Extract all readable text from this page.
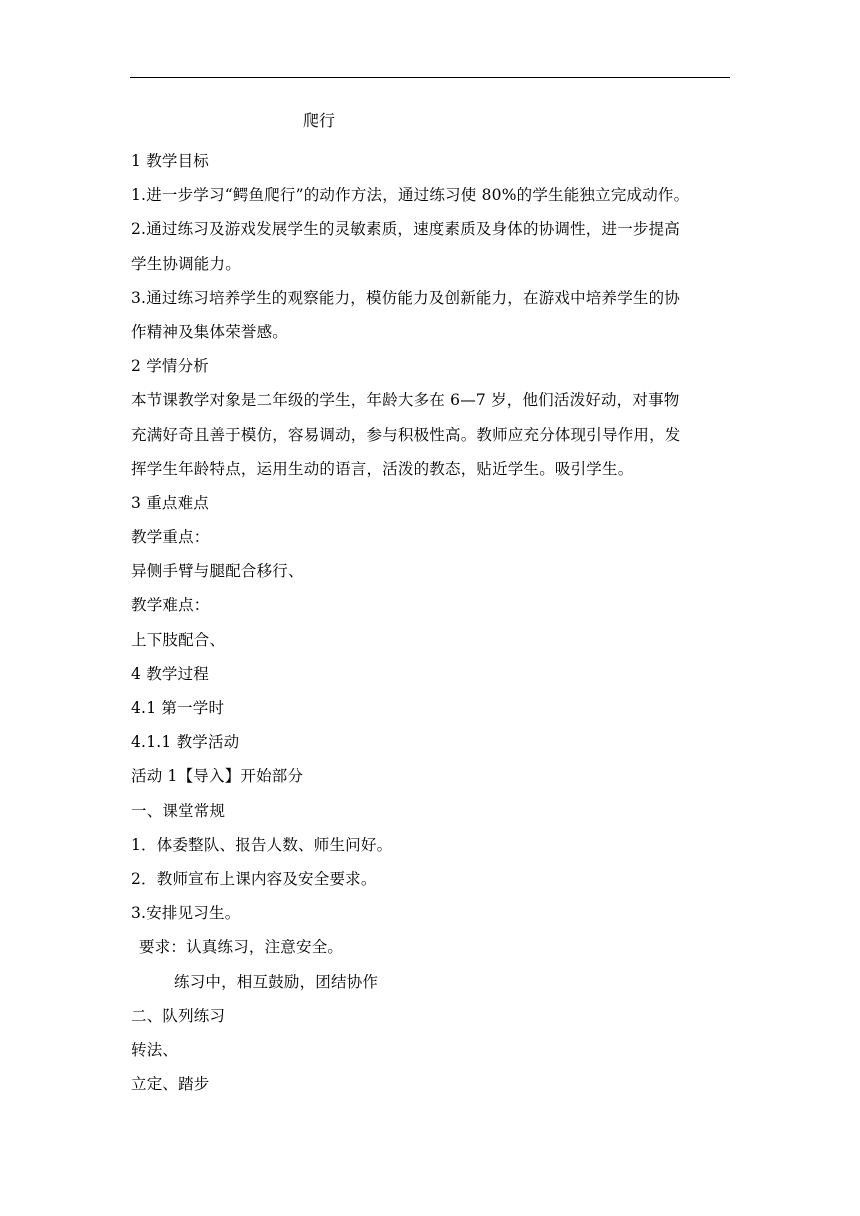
爬行
1 教学目标
1.进一步学习“鳄鱼爬行”的动作方法，通过练习使 80%的学生能独立完成动作。
2.通过练习及游戏发展学生的灵敏素质，速度素质及身体的协调性，进一步提高
学生协调能力。
3.通过练习培养学生的观察能力，模仿能力及创新能力，在游戏中培养学生的协
作精神及集体荣誉感。
2 学情分析
本节课教学对象是二年级的学生，年龄大多在 6—7 岁，他们活泼好动，对事物
充满好奇且善于模仿，容易调动，参与积极性高。教师应充分体现引导作用，发
挥学生年龄特点，运用生动的语言，活泼的教态，贴近学生。吸引学生。
3 重点难点
教学重点：
异侧手臂与腿配合移行、
教学难点：
上下肢配合、
4 教学过程
4.1 第一学时
4.1.1 教学活动
活动 1【导入】开始部分
一、课堂常规
1．体委整队、报告人数、师生问好。
2．教师宣布上课内容及安全要求。
3.安排见习生。
要求：认真练习，注意安全。
练习中，相互鼓励，团结协作
二、队列练习
转法、
立定、踏步
